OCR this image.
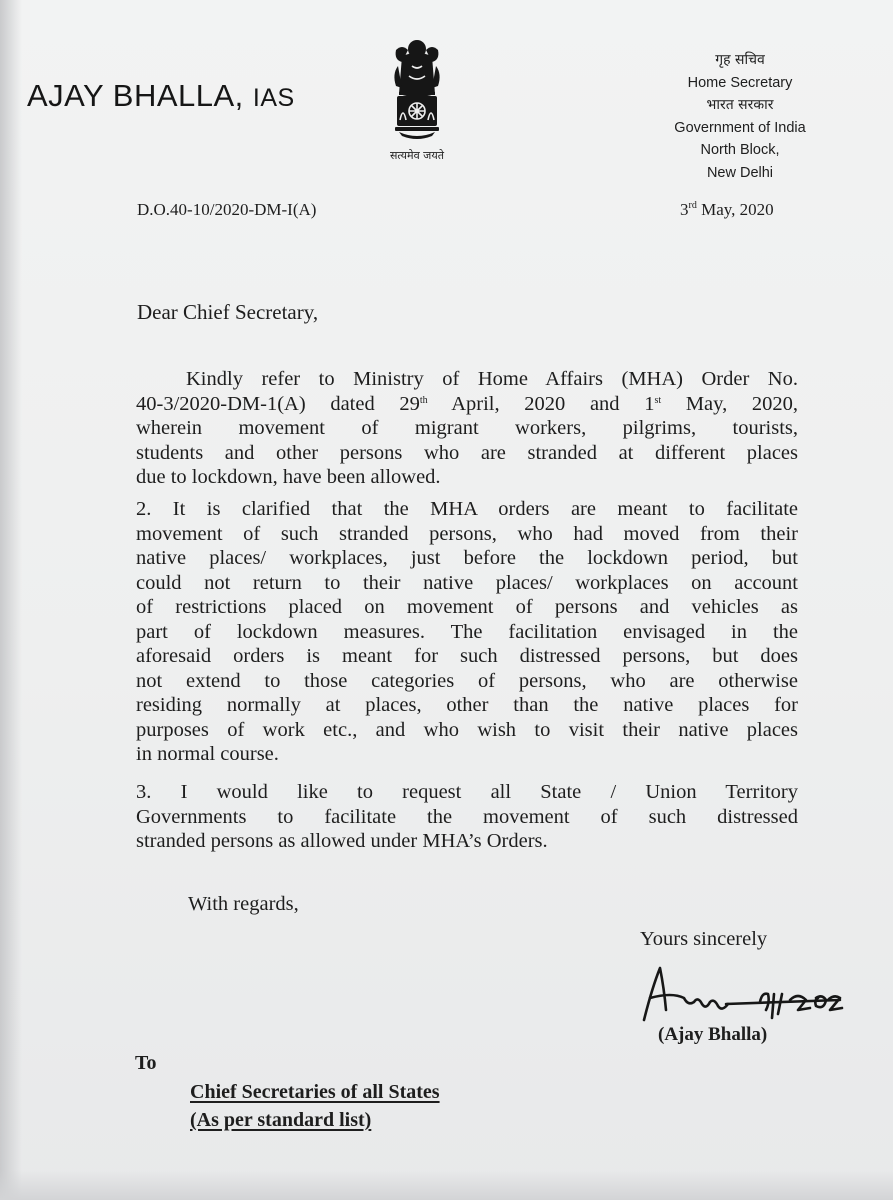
AJAY BHALLA, IAS
सत्यमेव जयते
गृह सचिव
Home Secretary
भारत सरकार
Government of India
North Block,
New Delhi
D.O.40-10/2020-DM-I(A)	3rd May, 2020
Dear Chief Secretary,
Kindly refer to Ministry of Home Affairs (MHA) Order No.
40-3/2020-DM-1(A) dated 29th April, 2020 and 1st May, 2020,
wherein movement of migrant workers, pilgrims, tourists,
students and other persons who are stranded at different places
due to lockdown, have been allowed.
2. It is clarified that the MHA orders are meant to facilitate
movement of such stranded persons, who had moved from their
native places/ workplaces, just before the lockdown period, but
could not return to their native places/ workplaces on account
of restrictions placed on movement of persons and vehicles as
part of lockdown measures. The facilitation envisaged in the
aforesaid orders is meant for such distressed persons, but does
not extend to those categories of persons, who are otherwise
residing normally at places, other than the native places for
purposes of work etc., and who wish to visit their native places
in normal course.
3. I would like to request all State / Union Territory
Governments to facilitate the movement of such distressed
stranded persons as allowed under MHA’s Orders.
With regards,
Yours sincerely
(Ajay Bhalla)
To
Chief Secretaries of all States
(As per standard list)
